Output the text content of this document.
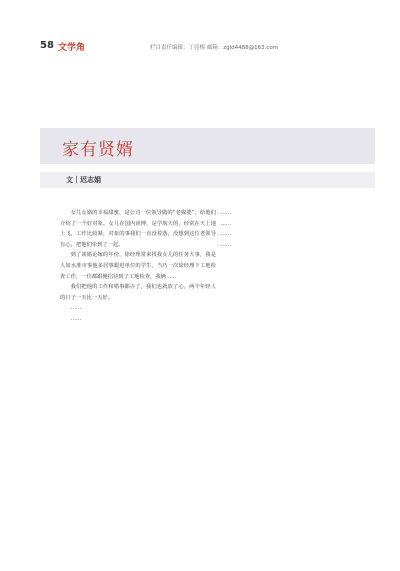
58 文学角	栏目责任编辑：丁亮梅 邮箱：zgld4488@163.com
家有贤婿
文｜迟志娟

女儿女婿的幸福甜蜜，是公司一位领导做的“老媒婆”，给他们介绍了一个好对象。女儿在国内读博，是学航天的，经常在天上地上飞，工作比较紧，对象的事我们一直没着落，没想到这位老领导有心，把他们牵到了一起。

到了谈婚论嫁的年份，徐经理常来找我女儿的任务大事，我是人如水准市事他多居事跟进单位的学生，当巧一次徐经理下工地检查工作，一位都跟俺招待到了工地检查，我俩……

我们把他的工作和婚事都办了，我们也就放了心，两个年轻人的日子一天比一天好。

……

……

……

……

……

……
